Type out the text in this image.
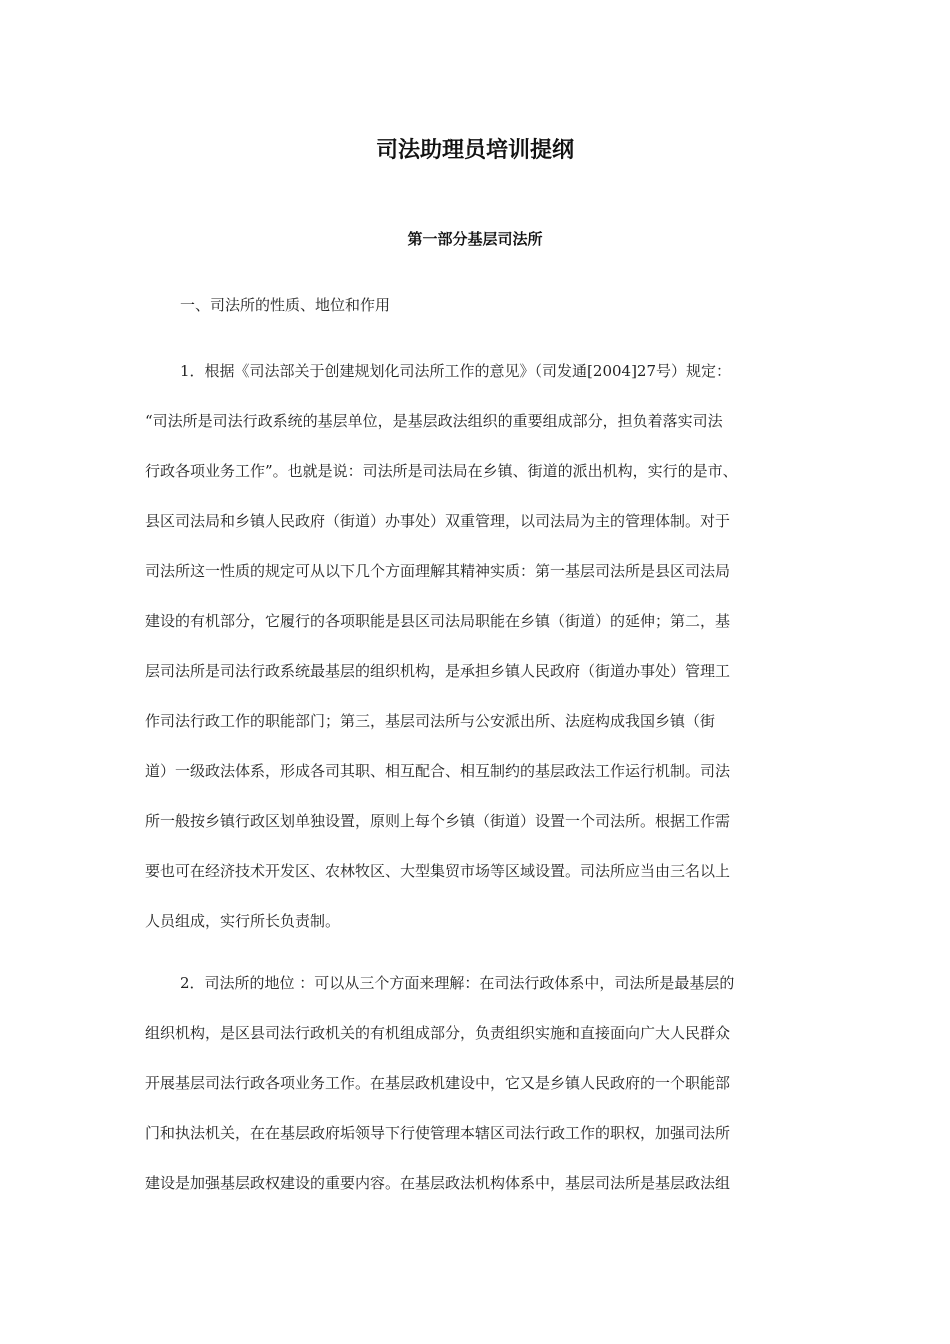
司法助理员培训提纲
第一部分基层司法所

一、司法所的性质、地位和作用

1．根据《司法部关于创建规划化司法所工作的意见》（司发通[2004]27号）规定：
“司法所是司法行政系统的基层单位，是基层政法组织的重要组成部分，担负着落实司法
行政各项业务工作”。也就是说：司法所是司法局在乡镇、街道的派出机构，实行的是市、
县区司法局和乡镇人民政府（街道）办事处）双重管理，以司法局为主的管理体制。对于
司法所这一性质的规定可从以下几个方面理解其精神实质：第一基层司法所是县区司法局
建设的有机部分，它履行的各项职能是县区司法局职能在乡镇（街道）的延伸；第二，基
层司法所是司法行政系统最基层的组织机构，是承担乡镇人民政府（街道办事处）管理工
作司法行政工作的职能部门；第三，基层司法所与公安派出所、法庭构成我国乡镇（街
道）一级政法体系，形成各司其职、相互配合、相互制约的基层政法工作运行机制。司法
所一般按乡镇行政区划单独设置，原则上每个乡镇（街道）设置一个司法所。根据工作需
要也可在经济技术开发区、农林牧区、大型集贸市场等区域设置。司法所应当由三名以上
人员组成，实行所长负责制。
2．司法所的地位 ：可以从三个方面来理解：在司法行政体系中，司法所是最基层的
组织机构，是区县司法行政机关的有机组成部分，负责组织实施和直接面向广大人民群众
开展基层司法行政各项业务工作。在基层政机建设中，它又是乡镇人民政府的一个职能部
门和执法机关，在在基层政府垢领导下行使管理本辖区司法行政工作的职权，加强司法所
建设是加强基层政权建设的重要内容。在基层政法机构体系中，基层司法所是基层政法组
